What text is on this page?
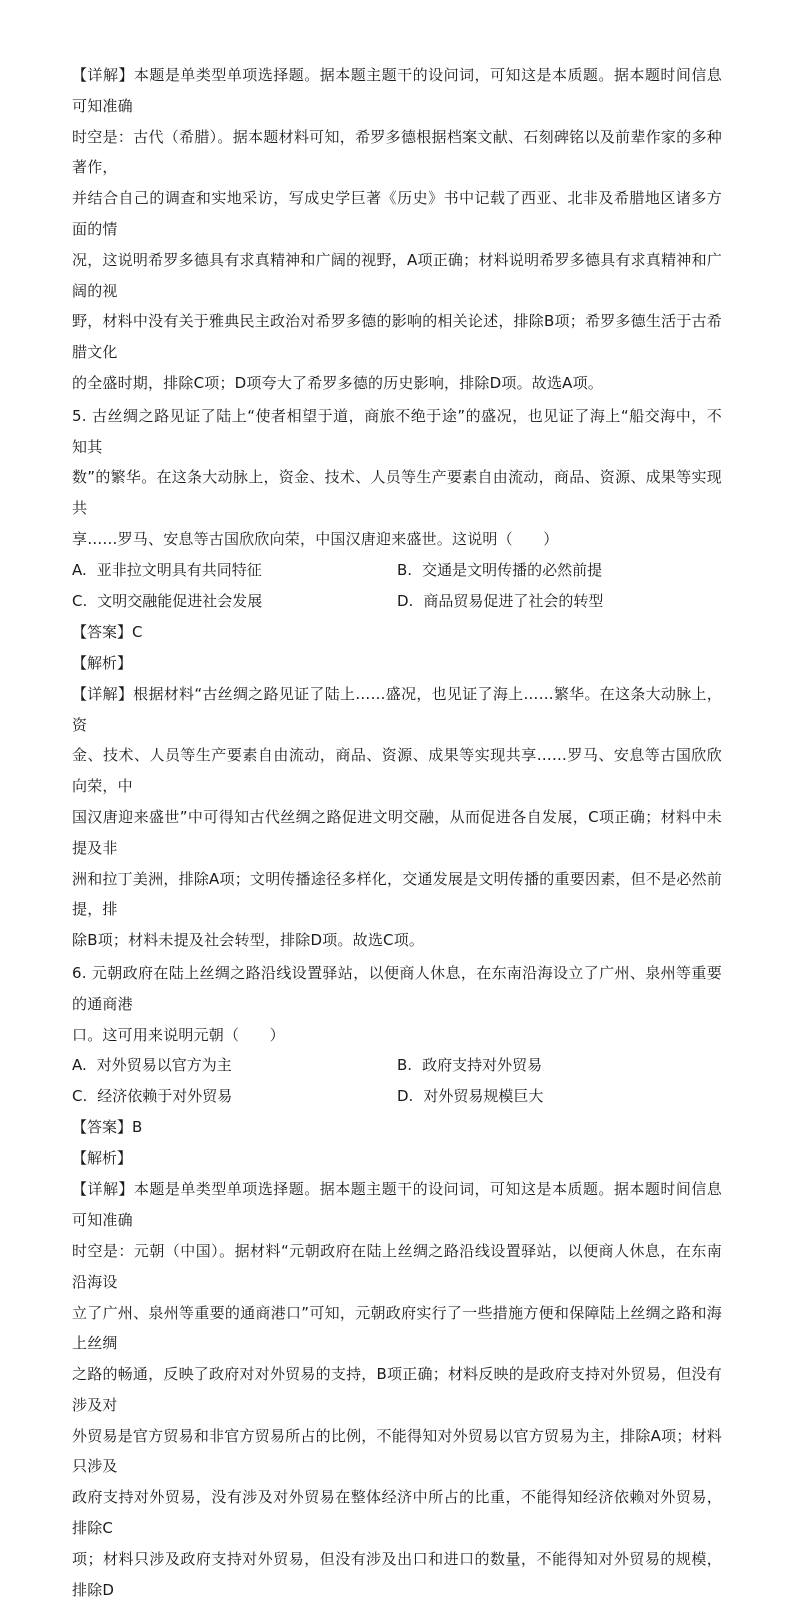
【详解】本题是单类型单项选择题。据本题主题干的设问词，可知这是本质题。据本题时间信息可知准确

时空是：古代（希腊）。据本题材料可知，希罗多德根据档案文献、石刻碑铭以及前辈作家的多种著作，

并结合自己的调查和实地采访，写成史学巨著《历史》书中记载了西亚、北非及希腊地区诸多方面的情

况，这说明希罗多德具有求真精神和广阔的视野，A项正确；材料说明希罗多德具有求真精神和广阔的视

野，材料中没有关于雅典民主政治对希罗多德的影响的相关论述，排除B项；希罗多德生活于古希腊文化

的全盛时期，排除C项；D项夸大了希罗多德的历史影响，排除D项。故选A项。

5. 古丝绸之路见证了陆上“使者相望于道，商旅不绝于途”的盛况，也见证了海上“船交海中，不知其

数”的繁华。在这条大动脉上，资金、技术、人员等生产要素自由流动，商品、资源、成果等实现共

享……罗马、安息等古国欣欣向荣，中国汉唐迎来盛世。这说明（　　）

A. 亚非拉文明具有共同特征	B. 交通是文明传播的必然前提
C. 文明交融能促进社会发展	D. 商品贸易促进了社会的转型

【答案】C

【解析】

【详解】根据材料“古丝绸之路见证了陆上……盛况，也见证了海上……繁华。在这条大动脉上，资

金、技术、人员等生产要素自由流动，商品、资源、成果等实现共享……罗马、安息等古国欣欣向荣，中

国汉唐迎来盛世”中可得知古代丝绸之路促进文明交融，从而促进各自发展，C项正确；材料中未提及非

洲和拉丁美洲，排除A项；文明传播途径多样化，交通发展是文明传播的重要因素，但不是必然前提，排

除B项；材料未提及社会转型，排除D项。故选C项。

6. 元朝政府在陆上丝绸之路沿线设置驿站，以便商人休息，在东南沿海设立了广州、泉州等重要的通商港

口。这可用来说明元朝（　　）

A. 对外贸易以官方为主	B. 政府支持对外贸易
C. 经济依赖于对外贸易	D. 对外贸易规模巨大

【答案】B

【解析】

【详解】本题是单类型单项选择题。据本题主题干的设问词，可知这是本质题。据本题时间信息可知准确

时空是：元朝（中国）。据材料“元朝政府在陆上丝绸之路沿线设置驿站，以便商人休息，在东南沿海设

立了广州、泉州等重要的通商港口”可知，元朝政府实行了一些措施方便和保障陆上丝绸之路和海上丝绸

之路的畅通，反映了政府对对外贸易的支持，B项正确；材料反映的是政府支持对外贸易，但没有涉及对

外贸易是官方贸易和非官方贸易所占的比例，不能得知对外贸易以官方贸易为主，排除A项；材料只涉及

政府支持对外贸易，没有涉及对外贸易在整体经济中所占的比重，不能得知经济依赖对外贸易，排除C

项；材料只涉及政府支持对外贸易，但没有涉及出口和进口的数量，不能得知对外贸易的规模，排除D
